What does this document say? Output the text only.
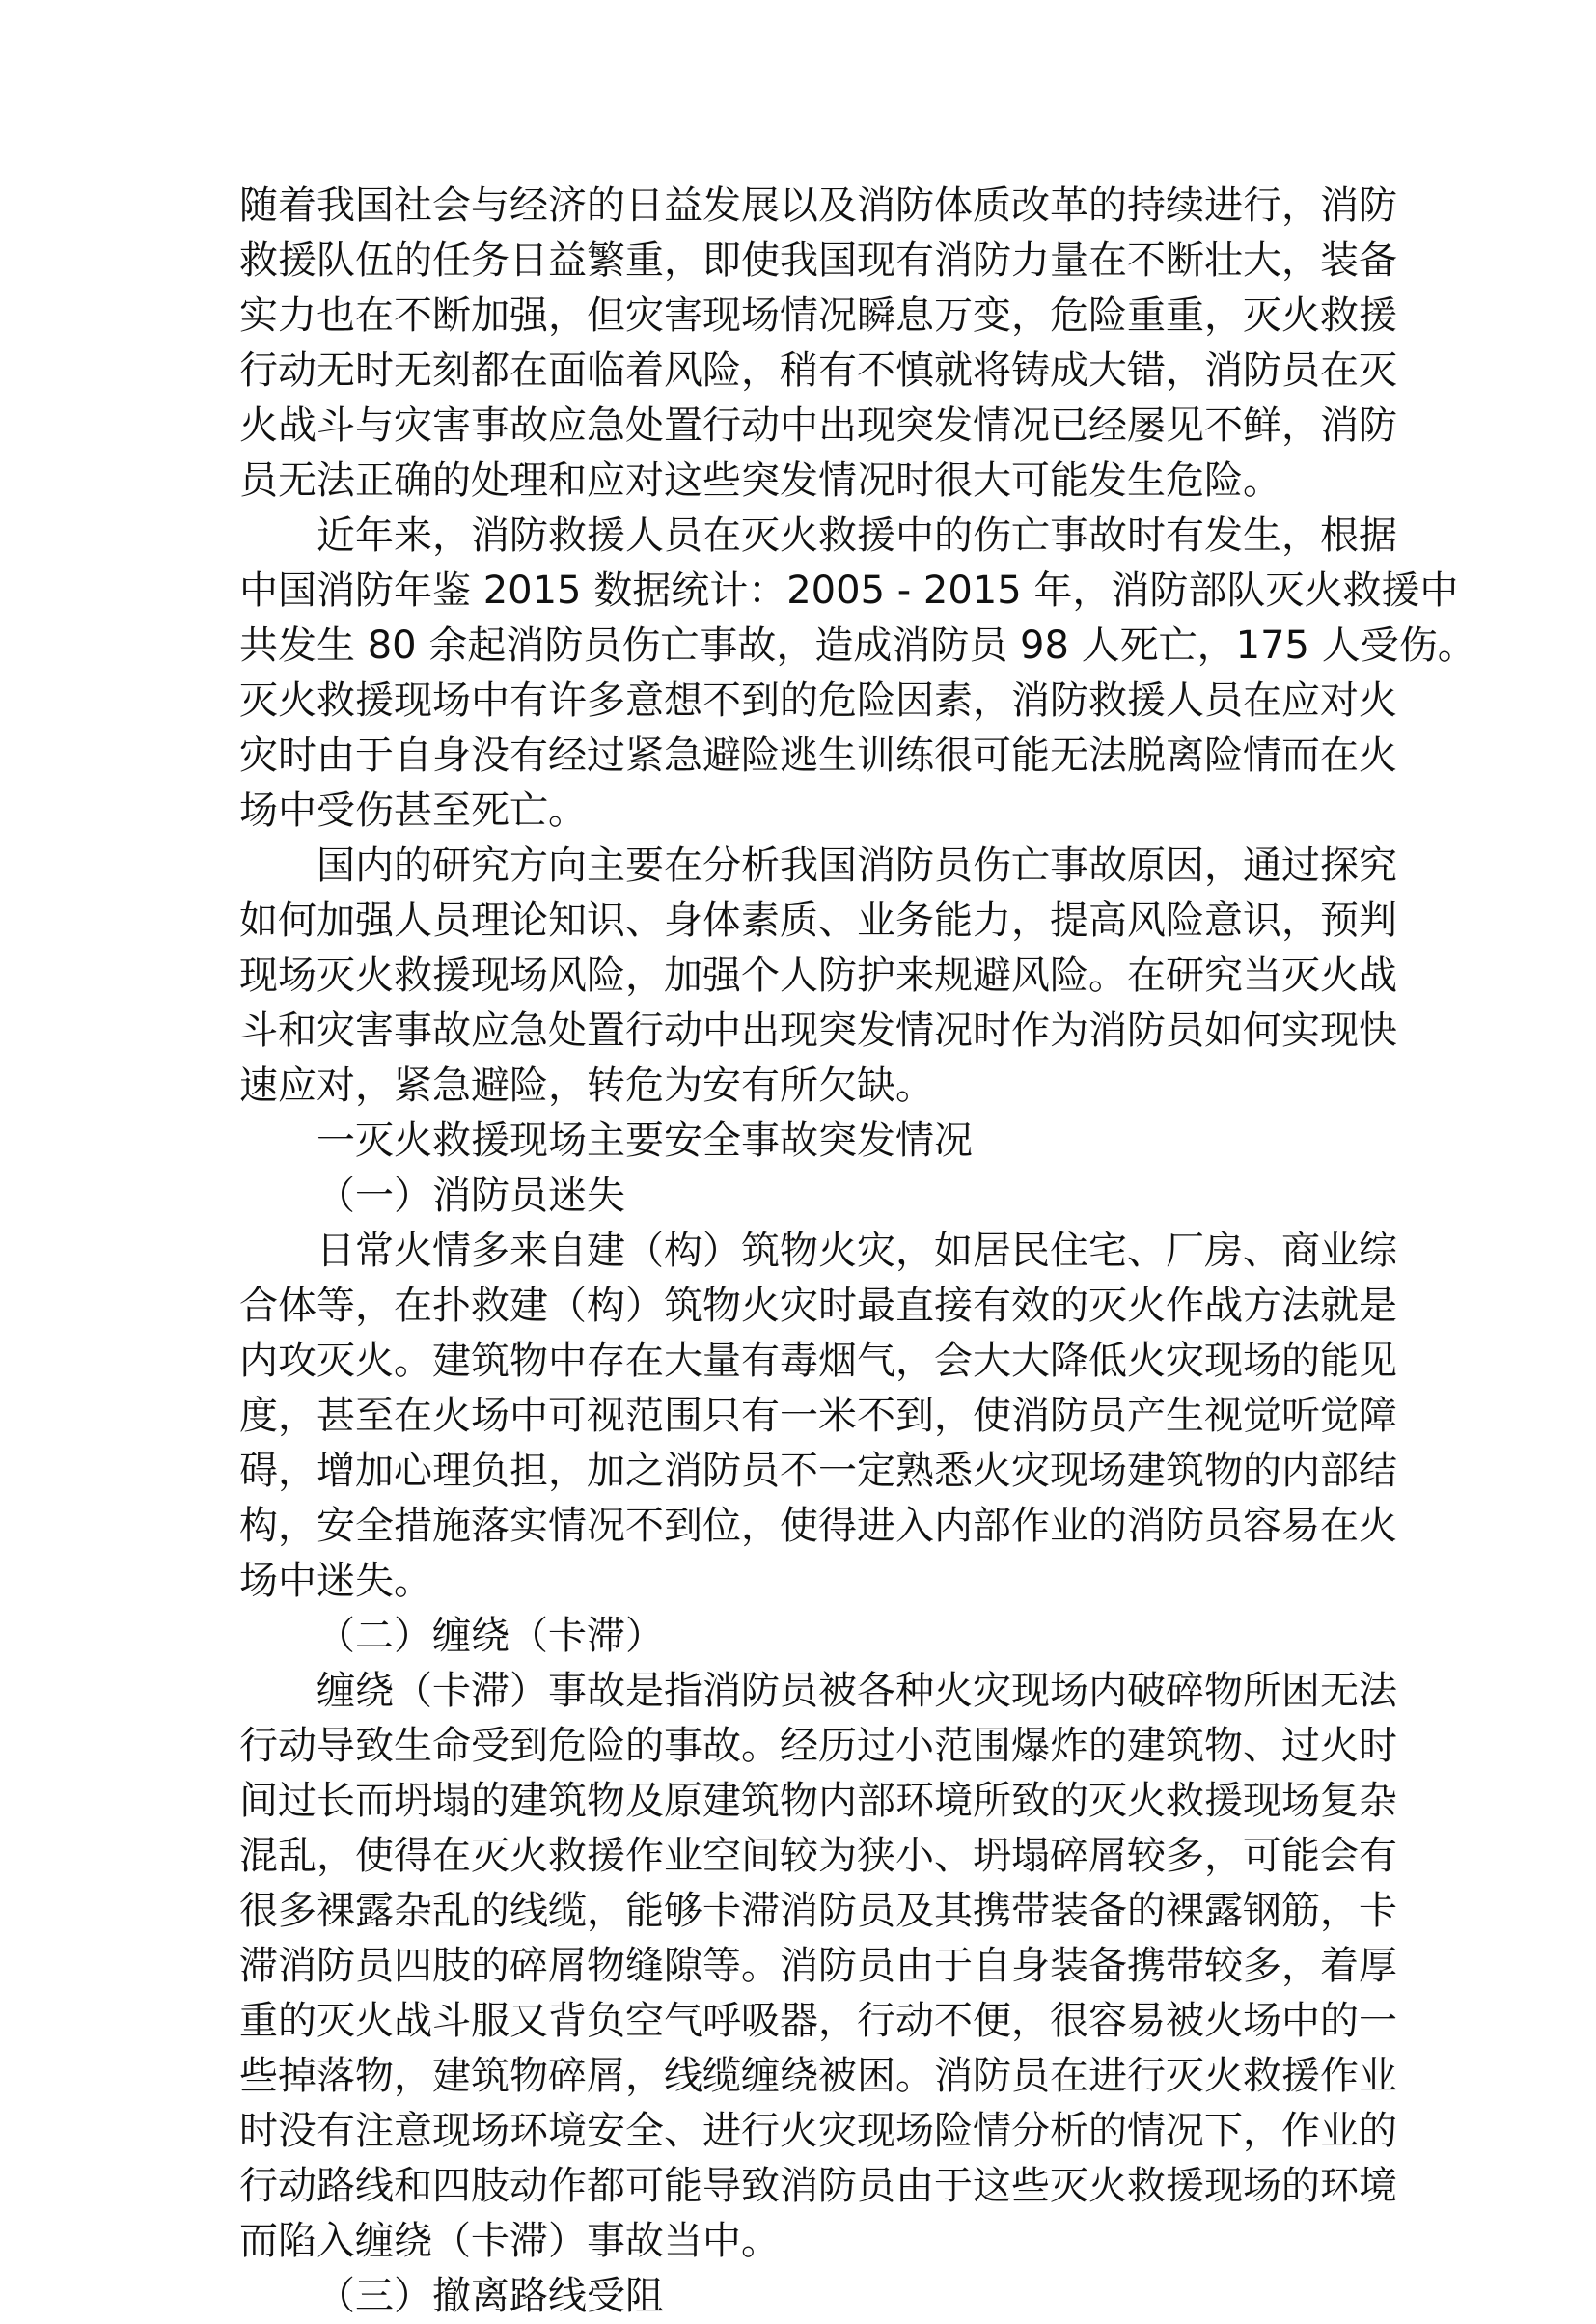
随着我国社会与经济的日益发展以及消防体质改革的持续进行，消防
救援队伍的任务日益繁重，即使我国现有消防力量在不断壮大，装备
实力也在不断加强，但灾害现场情况瞬息万变，危险重重，灭火救援
行动无时无刻都在面临着风险，稍有不慎就将铸成大错，消防员在灭
火战斗与灾害事故应急处置行动中出现突发情况已经屡见不鲜，消防
员无法正确的处理和应对这些突发情况时很大可能发生危险。
近年来，消防救援人员在灭火救援中的伤亡事故时有发生，根据
中国消防年鉴 2015 数据统计：2005 - 2015 年，消防部队灭火救援中
共发生 80 余起消防员伤亡事故，造成消防员 98 人死亡，175 人受伤。
灭火救援现场中有许多意想不到的危险因素，消防救援人员在应对火
灾时由于自身没有经过紧急避险逃生训练很可能无法脱离险情而在火
场中受伤甚至死亡。
国内的研究方向主要在分析我国消防员伤亡事故原因，通过探究
如何加强人员理论知识、身体素质、业务能力，提高风险意识，预判
现场灭火救援现场风险，加强个人防护来规避风险。在研究当灭火战
斗和灾害事故应急处置行动中出现突发情况时作为消防员如何实现快
速应对，紧急避险，转危为安有所欠缺。
一灭火救援现场主要安全事故突发情况
（一）消防员迷失
日常火情多来自建（构）筑物火灾，如居民住宅、厂房、商业综
合体等，在扑救建（构）筑物火灾时最直接有效的灭火作战方法就是
内攻灭火。建筑物中存在大量有毒烟气，会大大降低火灾现场的能见
度，甚至在火场中可视范围只有一米不到，使消防员产生视觉听觉障
碍，增加心理负担，加之消防员不一定熟悉火灾现场建筑物的内部结
构，安全措施落实情况不到位，使得进入内部作业的消防员容易在火
场中迷失。
（二）缠绕（卡滞）
缠绕（卡滞）事故是指消防员被各种火灾现场内破碎物所困无法
行动导致生命受到危险的事故。经历过小范围爆炸的建筑物、过火时
间过长而坍塌的建筑物及原建筑物内部环境所致的灭火救援现场复杂
混乱，使得在灭火救援作业空间较为狭小、坍塌碎屑较多，可能会有
很多裸露杂乱的线缆，能够卡滞消防员及其携带装备的裸露钢筋，卡
滞消防员四肢的碎屑物缝隙等。消防员由于自身装备携带较多，着厚
重的灭火战斗服又背负空气呼吸器，行动不便，很容易被火场中的一
些掉落物，建筑物碎屑，线缆缠绕被困。消防员在进行灭火救援作业
时没有注意现场环境安全、进行火灾现场险情分析的情况下，作业的
行动路线和四肢动作都可能导致消防员由于这些灭火救援现场的环境
而陷入缠绕（卡滞）事故当中。
（三）撤离路线受阻
